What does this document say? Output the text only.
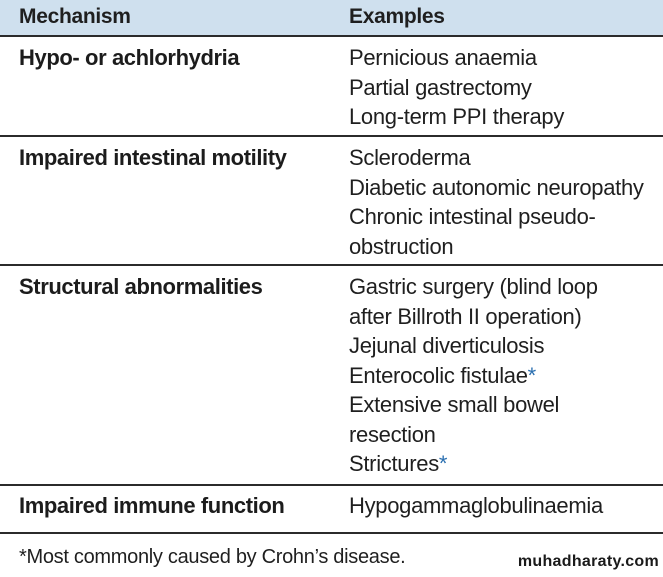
Mechanism	Examples
Hypo- or achlorhydria	Pernicious anaemia
Partial gastrectomy
Long-term PPI therapy
Impaired intestinal motility	Scleroderma
Diabetic autonomic neuropathy
Chronic intestinal pseudo-
obstruction
Structural abnormalities	Gastric surgery (blind loop
after Billroth II operation)
Jejunal diverticulosis
Enterocolic fistulae*
Extensive small bowel
resection
Strictures*
Impaired immune function	Hypogammaglobulinaemia
*Most commonly caused by Crohn’s disease.	muhadharaty.com
